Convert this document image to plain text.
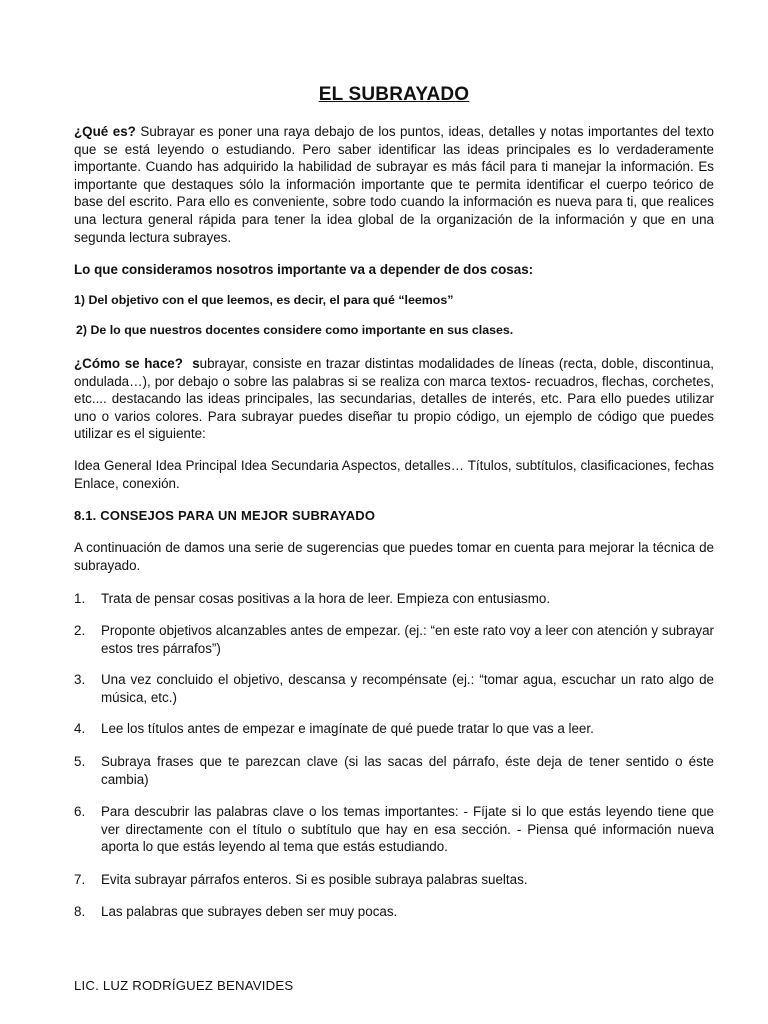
EL SUBRAYADO

¿Qué es? Subrayar es poner una raya debajo de los puntos, ideas, detalles y notas importantes del texto que se está leyendo o estudiando. Pero saber identificar las ideas principales es lo verdaderamente importante. Cuando has adquirido la habilidad de subrayar es más fácil para ti manejar la información. Es importante que destaques sólo la información importante que te permita identificar el cuerpo teórico de base del escrito. Para ello es conveniente, sobre todo cuando la información es nueva para ti, que realices una lectura general rápida para tener la idea global de la organización de la información y que en una segunda lectura subrayes.

Lo que consideramos nosotros importante va a depender de dos cosas:

1) Del objetivo con el que leemos, es decir, el para qué “leemos”

2) De lo que nuestros docentes considere como importante en sus clases.

¿Cómo se hace? subrayar, consiste en trazar distintas modalidades de líneas (recta, doble, discontinua, ondulada…), por debajo o sobre las palabras si se realiza con marca textos- recuadros, flechas, corchetes, etc.... destacando las ideas principales, las secundarias, detalles de interés, etc. Para ello puedes utilizar uno o varios colores. Para subrayar puedes diseñar tu propio código, un ejemplo de código que puedes utilizar es el siguiente:

Idea General Idea Principal Idea Secundaria Aspectos, detalles… Títulos, subtítulos, clasificaciones, fechas Enlace, conexión.

8.1. CONSEJOS PARA UN MEJOR SUBRAYADO

A continuación de damos una serie de sugerencias que puedes tomar en cuenta para mejorar la técnica de subrayado.

1.	Trata de pensar cosas positivas a la hora de leer. Empieza con entusiasmo.

2.	Proponte objetivos alcanzables antes de empezar. (ej.: “en este rato voy a leer con atención y subrayar estos tres párrafos”)

3.	Una vez concluido el objetivo, descansa y recompénsate (ej.: “tomar agua, escuchar un rato algo de música, etc.)

4.	Lee los títulos antes de empezar e imagínate de qué puede tratar lo que vas a leer.

5.	Subraya frases que te parezcan clave (si las sacas del párrafo, éste deja de tener sentido o éste cambia)

6.	Para descubrir las palabras clave o los temas importantes: - Fíjate si lo que estás leyendo tiene que ver directamente con el título o subtítulo que hay en esa sección. - Piensa qué información nueva aporta lo que estás leyendo al tema que estás estudiando.

7.	Evita subrayar párrafos enteros. Si es posible subraya palabras sueltas.

8.	Las palabras que subrayes deben ser muy pocas.

LIC. LUZ RODRÍGUEZ BENAVIDES
